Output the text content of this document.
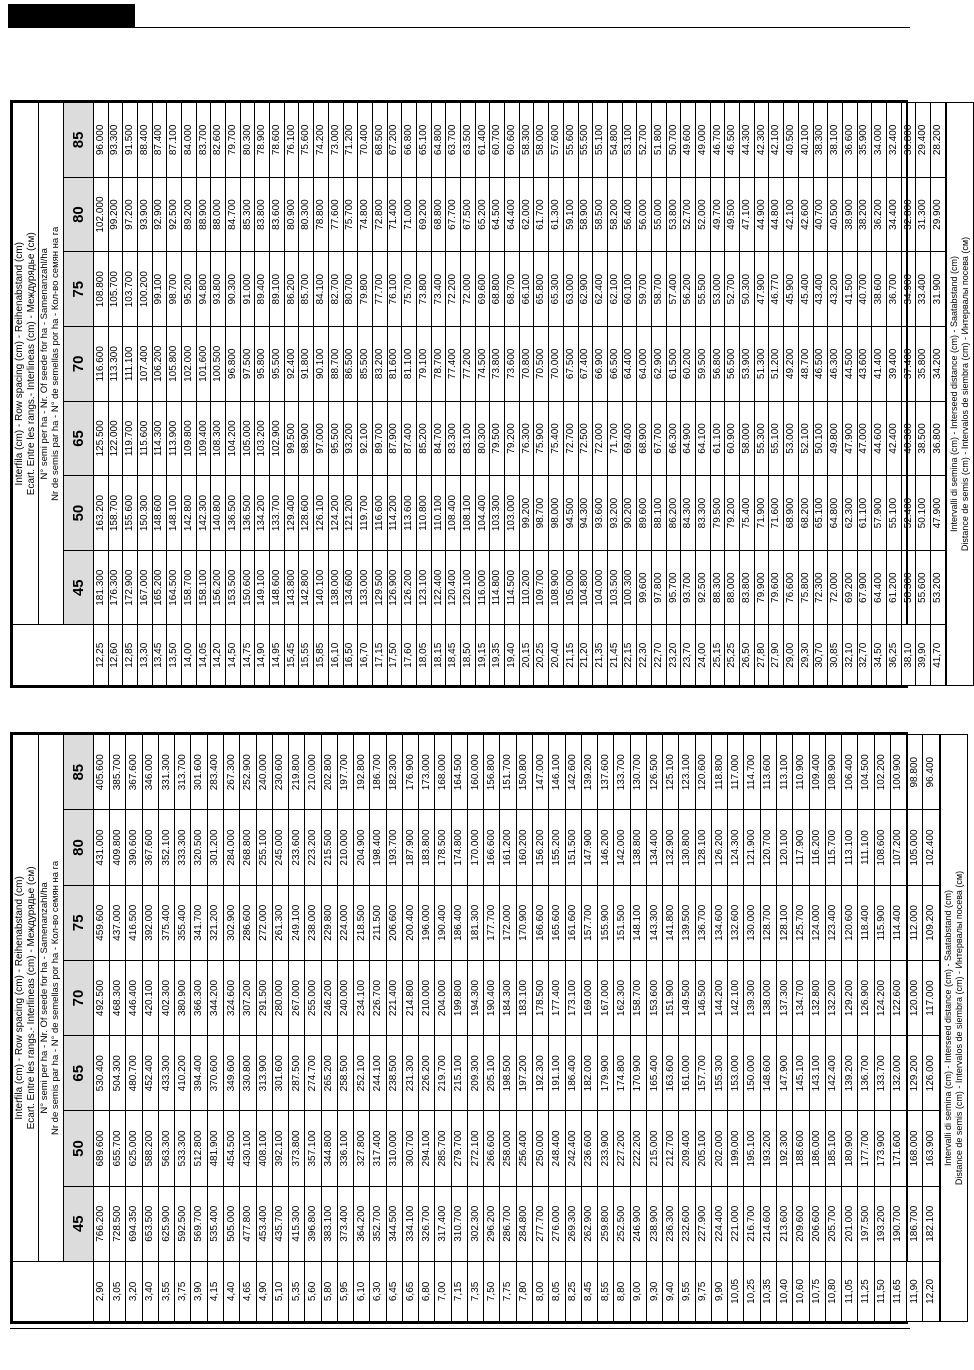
	Interfila (cm) - Row spacing (cm) - Reihenabstand (cm) Ecart. Entre les rangs.- Interlineas (cm) - Междурядье (см)						

	N° semi per ha - Nr. Of seede for ha - Samenanzahl/ha Nr de semis par ha - N° de semellas por ha - Кол-во семян на га						

	45	50	65	70	75	80	85
12,25	181.300	163.200	125.500	116.600	108.800	102.000	96.000
12,60	176.300	158.700	122.000	113.300	105.700	99.200	93.300
12,85	172.900	155.600	119.700	111.100	103.700	97.200	91.500
13,30	167.000	150.300	115.600	107.400	100.200	93.900	88.400
13,45	165.200	148.600	114.300	106.200	99.100	92.900	87.400
13,50	164.500	148.100	113.900	105.800	98.700	92.500	87.100
14,00	158.700	142.800	109.800	102.000	95.200	89.200	84.000
14,05	158.100	142.300	109.400	101.600	94.800	88.900	83.700
14,20	156.200	140.800	108.300	100.500	93.800	88.000	82.600
14,50	153.500	136.500	104.200	96.800	90.300	84.700	79.700
14,75	150.600	136.500	105.000	97.500	91.000	85.300	80.300
14,90	149.100	134.200	103.200	95.800	89.400	83.800	78.900
14,95	148.600	133.700	102.900	95.500	89.100	83.600	78.600
15,45	143.800	129.400	99.500	92.400	86.200	80.900	76.100
15,55	142.800	128.600	98.900	91.800	85.700	80.300	75.600
15,85	140.100	126.100	97.000	90.100	84.100	78.800	74.200
16,10	138.000	124.200	95.500	88.700	82.700	77.600	73.000
16,50	134.600	121.200	93.200	86.500	80.700	75.700	71.200
16,70	133.000	119.700	92.100	85.500	79.800	74.800	70.400
17,15	129.500	116.600	89.700	83.200	77.700	72.800	68.500
17,50	126.900	114.200	87.900	81.600	76.100	71.400	67.200
17,60	126.200	113.600	87.400	81.100	75.700	71.000	66.800
18,05	123.100	110.800	85.200	79.100	73.800	69.200	65.100
18,15	122.400	110.100	84.700	78.700	73.400	68.800	64.800
18,45	120.400	108.400	83.300	77.400	72.200	67.700	63.700
18,50	120.100	108.100	83.100	77.200	72.000	67.500	63.500
19,15	116.000	104.400	80.300	74.500	69.600	65.200	61.400
19,35	114.800	103.300	79.500	73.800	68.800	64.500	60.700
19,40	114.500	103.000	79.200	73.600	68.700	64.400	60.600
20,15	110.200	99.200	76.300	70.800	66.100	62.000	58.300
20,25	109.700	98.700	75.900	70.500	65.800	61.700	58.000
20,40	108.900	98.000	75.400	70.000	65.300	61.300	57.600
21,15	105.000	94.500	72.700	67.500	63.000	59.100	55.600
21,20	104.800	94.300	72.500	67.400	62.900	58.900	55.500
21,35	104.000	93.600	72.000	66.900	62.400	58.500	55.100
21,45	103.500	93.200	71.700	66.500	62.100	58.200	54.800
22,15	100.300	90.200	69.400	64.400	60.100	56.400	53.100
22,30	99.600	89.600	68.900	64.000	59.700	56.000	52.700
22,70	97.800	88.100	67.700	62.900	58.700	55.000	51.800
23,20	95.700	86.200	66.300	61.500	57.400	53.800	50.700
23,70	93.700	84.300	64.900	60.200	56.200	52.700	49.600
24,00	92.500	83.300	64.100	59.500	55.500	52.000	49.000
25,15	88.300	79.500	61.100	56.800	53.000	49.700	46.700
25,25	88.000	79.200	60.900	56.500	52.700	49.500	46.500
26,50	83.800	75.400	58.000	53.900	50.300	47.100	44.300
27,80	79.900	71.900	55.300	51.300	47.900	44.900	42.300
27,90	79.600	71.600	55.100	51.200	46.770	44.800	42.100
29,00	76.600	68.900	53.000	49.200	45.900	42.100	40.500
29,30	75.800	68.200	52.100	48.700	45.400	42.600	40.100
30,70	72.300	65.100	50.100	46.500	43.400	40.700	38.300
30,85	72.000	64.800	49.800	46.300	43.200	40.500	38.100
32,10	69.200	62.300	47.900	44.500	41.500	38.900	36.600
32,70	67.900	61.100	47.000	43.600	40.700	38.200	35.900
34,50	64.400	57.900	44.600	41.400	38.600	36.200	34.000
36,25	61.200	55.100	42.400	39.400	36.700	34.400	32.400
38,10	58.300	52.400	40.300	37.400	34.900	32.800	30.800
39,90	55.600	50.100	38.500	35.800	33.400	31.300	29.400
41,70	53.200	47.900	36.800	34.200	31.900	29.900	28.200

Intervalli di semina (cm) - Interseed distance (cm) - Saatabstand (cm) Distance de semis (cm) - Intervalos de siembra (cm) - Интервалы посева (см)							

	Interfila (cm) - Row spacing (cm) - Reihenabstand (cm) Ecart. Entre les rangs.- Interlineas (cm) - Междурядье (см)						

	N° semi per ha - Nr. Of seede for ha - Samenanzahl/ha Nr de semis par ha - N° de semellas por ha - Кол-во семян на га						

	45	50	65	70	75	80	85
2,90	766.200	689.600	530.400	492.500	459.600	431.000	405.600
3,05	728.500	655.700	504.300	468.300	437.000	409.800	385.700
3,20	694.350	625.000	480.700	446.400	416.500	390.600	367.600
3,40	653.500	588.200	452.400	420.100	392.000	367.600	346.000
3,55	625.900	563.300	433.300	402.300	375.400	352.100	331.300
3,75	592.500	533.300	410.200	380.900	355.400	333.300	313.700
3,90	569.700	512.800	394.400	366.300	341.700	320.500	301.600
4,15	535.400	481.900	370.600	344.200	321.200	301.200	283.400
4,40	505.000	454.500	349.600	324.600	302.900	284.000	267.300
4,65	477.800	430.100	330.800	307.200	286.600	268.800	252.900
4,90	453.400	408.100	313.900	291.500	272.000	255.100	240.000
5,10	435.700	392.100	301.600	280.000	261.300	245.000	230.600
5,35	415.300	373.800	287.500	267.000	249.100	233.600	219.800
5,60	396.800	357.100	274.700	255.000	238.000	223.200	210.000
5,80	383.100	344.800	265.200	246.200	229.800	215.500	202.800
5,95	373.400	336.100	258.500	240.000	224.000	210.000	197.700
6,10	364.200	327.800	252.100	234.100	218.500	204.900	192.800
6,30	352.700	317.400	244.100	226.700	211.500	198.400	186.700
6,45	344.500	310.000	238.500	221.400	206.600	193.700	182.300
6,65	334.100	300.700	231.300	214.800	200.400	187.900	176.900
6,80	326.700	294.100	226.200	210.000	196.000	183.800	173.000
7,00	317.400	285.700	219.700	204.000	190.400	178.500	168.000
7,15	310.700	279.700	215.100	199.800	186.400	174.800	164.500
7,35	302.300	272.100	209.300	194.300	181.300	170.000	160.000
7,50	296.200	266.600	205.100	190.400	177.700	166.600	156.800
7,75	286.700	258.000	198.500	184.300	172.000	161.200	151.700
7,80	284.800	256.400	197.200	183.100	170.900	160.200	150.800
8,00	277.700	250.000	192.300	178.500	166.600	156.200	147.000
8,05	276.000	248.400	191.100	177.400	165.600	155.200	146.100
8,25	269.300	242.400	186.400	173.100	161.600	151.500	142.600
8,45	262.900	236.600	182.000	169.000	157.700	147.900	139.200
8,55	259.800	233.900	179.900	167.000	155.900	146.200	137.600
8,80	252.500	227.200	174.800	162.300	151.500	142.000	133.700
9,00	246.900	222.200	170.900	158.700	148.100	138.800	130.700
9,30	238.900	215.000	165.400	153.600	143.300	134.400	126.500
9,40	236.300	212.700	163.600	151.900	141.800	132.900	125.100
9,55	232.600	209.400	161.000	149.500	139.500	130.800	123.100
9,75	227.900	205.100	157.700	146.500	136.700	128.100	120.600
9,90	224.400	202.000	155.300	144.200	134.600	126.200	118.800
10,05	221.000	199.000	153.000	142.100	132.600	124.300	117.000
10,25	216.700	195.100	150.000	139.300	130.000	121.900	114.700
10,35	214.600	193.200	148.600	138.000	128.700	120.700	113.600
10,40	213.600	192.300	147.900	137.300	128.100	120.100	113.100
10,60	209.600	188.600	145.100	134.700	125.700	117.900	110.900
10,75	206.600	186.000	143.100	132.800	124.000	116.200	109.400
10,80	205.700	185.100	142.400	132.200	123.400	115.700	108.900
11,05	201.000	180.900	139.200	129.200	120.600	113.100	106.400
11,25	197.500	177.700	136.700	126.900	118.400	111.100	104.500
11,50	193.200	173.900	133.700	124.200	115.900	108.600	102.200
11,65	190.700	171.600	132.000	122.600	114.400	107.200	100.900
11,90	186.700	168.000	129.200	120.000	112.000	105.000	98.800
12,20	182.100	163.900	126.000	117.000	109.200	102.400	96.400

Intervalli di semina (cm) - Interseed distance (cm) - Saatabstand (cm) Distance de semis (cm) - Intervalos de siembra (cm) - Интервалы посева (см)							
